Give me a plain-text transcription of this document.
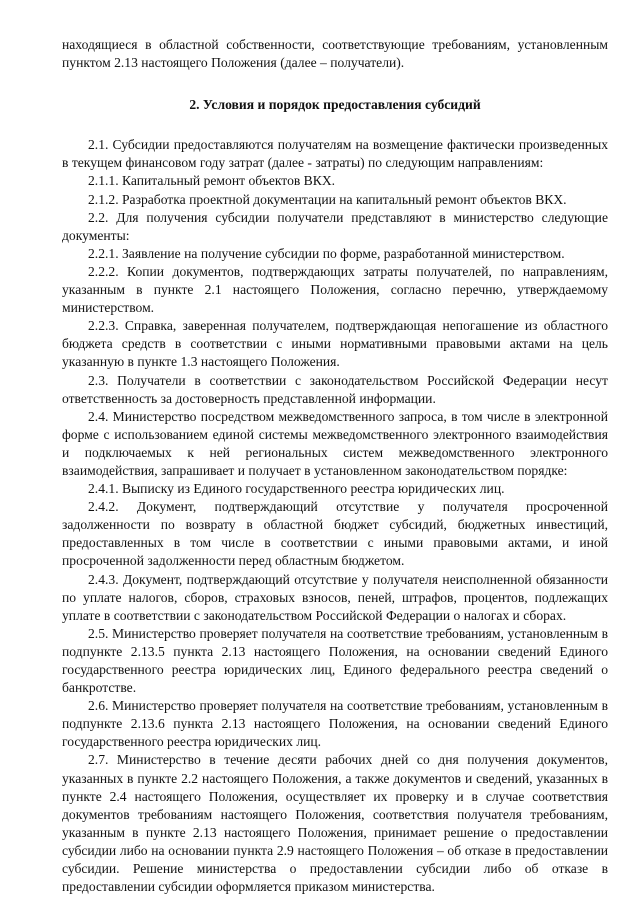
находящиеся в областной собственности, соответствующие требованиям, установленным пунктом 2.13 настоящего Положения (далее – получатели).

2. Условия и порядок предоставления субсидий

2.1. Субсидии предоставляются получателям на возмещение фактически произведенных в текущем финансовом году затрат (далее - затраты) по следующим направлениям:

2.1.1. Капитальный ремонт объектов ВКХ.

2.1.2. Разработка проектной документации на капитальный ремонт объектов ВКХ.

2.2. Для получения субсидии получатели представляют в министерство следующие документы:

2.2.1. Заявление на получение субсидии по форме, разработанной министерством.

2.2.2. Копии документов, подтверждающих затраты получателей, по направлениям, указанным в пункте 2.1 настоящего Положения, согласно перечню, утверждаемому министерством.

2.2.3. Справка, заверенная получателем, подтверждающая непогашение из областного бюджета средств в соответствии с иными нормативными правовыми актами на цель указанную в пункте 1.3 настоящего Положения.

2.3. Получатели в соответствии с законодательством Российской Федерации несут ответственность за достоверность представленной информации.

2.4. Министерство посредством межведомственного запроса, в том числе в электронной форме с использованием единой системы межведомственного электронного взаимодействия и подключаемых к ней региональных систем межведомственного электронного взаимодействия, запрашивает и получает в установленном законодательством порядке:

2.4.1. Выписку из Единого государственного реестра юридических лиц.

2.4.2. Документ, подтверждающий отсутствие у получателя просроченной задолженности по возврату в областной бюджет субсидий, бюджетных инвестиций, предоставленных в том числе в соответствии с иными правовыми актами, и иной просроченной задолженности перед областным бюджетом.

2.4.3. Документ, подтверждающий отсутствие у получателя неисполненной обязанности по уплате налогов, сборов, страховых взносов, пеней, штрафов, процентов, подлежащих уплате в соответствии с законодательством Российской Федерации о налогах и сборах.

2.5. Министерство проверяет получателя на соответствие требованиям, установленным в подпункте 2.13.5 пункта 2.13 настоящего Положения, на основании сведений Единого государственного реестра юридических лиц, Единого федерального реестра сведений о банкротстве.

2.6. Министерство проверяет получателя на соответствие требованиям, установленным в подпункте 2.13.6 пункта 2.13 настоящего Положения, на основании сведений Единого государственного реестра юридических лиц.

2.7. Министерство в течение десяти рабочих дней со дня получения документов, указанных в пункте 2.2 настоящего Положения, а также документов и сведений, указанных в пункте 2.4 настоящего Положения, осуществляет их проверку и в случае соответствия документов требованиям настоящего Положения, соответствия получателя требованиям, указанным в пункте 2.13 настоящего Положения, принимает решение о предоставлении субсидии либо на основании пункта 2.9 настоящего Положения – об отказе в предоставлении субсидии. Решение министерства о предоставлении субсидии либо об отказе в предоставлении субсидии оформляется приказом министерства.
